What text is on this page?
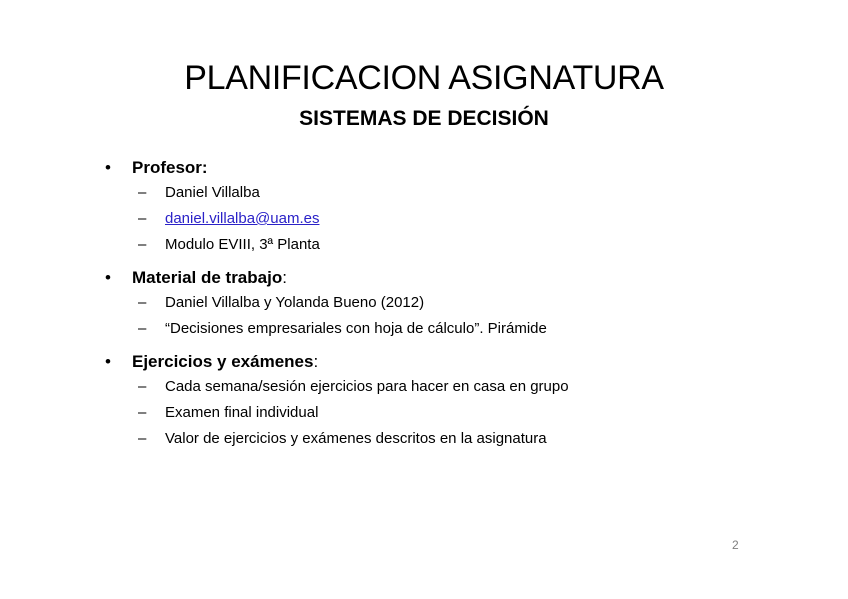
PLANIFICACION ASIGNATURA
SISTEMAS DE DECISIÓN
•	Profesor:
–	Daniel Villalba
–	daniel.villalba@uam.es
–	Modulo EVIII, 3ª Planta
•	Material de trabajo :
–	Daniel Villalba y Yolanda Bueno (2012)
–	“Decisiones empresariales con hoja de cálculo”. Pirámide
•	Ejercicios y exámenes :
–	Cada semana/sesión ejercicios para hacer en casa en grupo
–	Examen final individual
–	Valor de ejercicios y exámenes descritos en la asignatura
2
